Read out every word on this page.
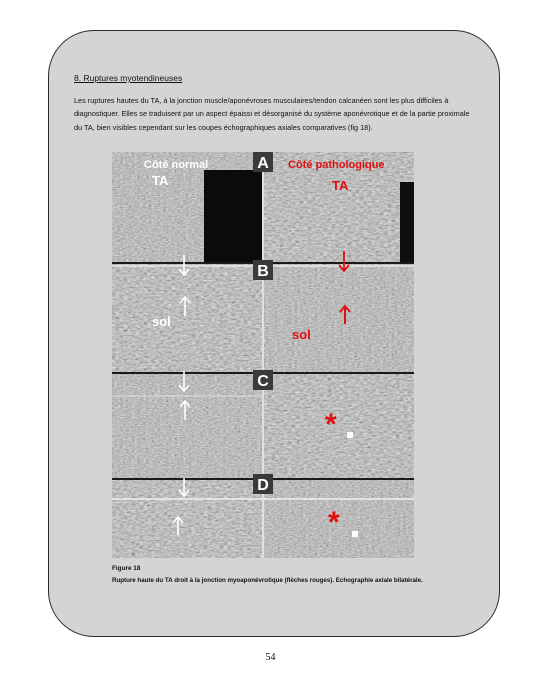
8. Ruptures myotendineuses
Les ruptures hautes du TA, à la jonction muscle/aponévroses musculaires/tendon calcanéen sont les plus difficiles à diagnostiquer. Elles se traduisent par un aspect épaissi et désorganisé du système aponévrotique et de la partie proximale du TA, bien visibles cependant sur les coupes échographiques axiales comparatives (fig 18).
A
B
C
D
Côté normal	Côté pathologique
TA	TA
sol
sol
*
*
Figure 18
Rupture haute du TA droit à la jonction myoaponévrotique (flèches rouges). Echographie axiale bilatérale.
54
